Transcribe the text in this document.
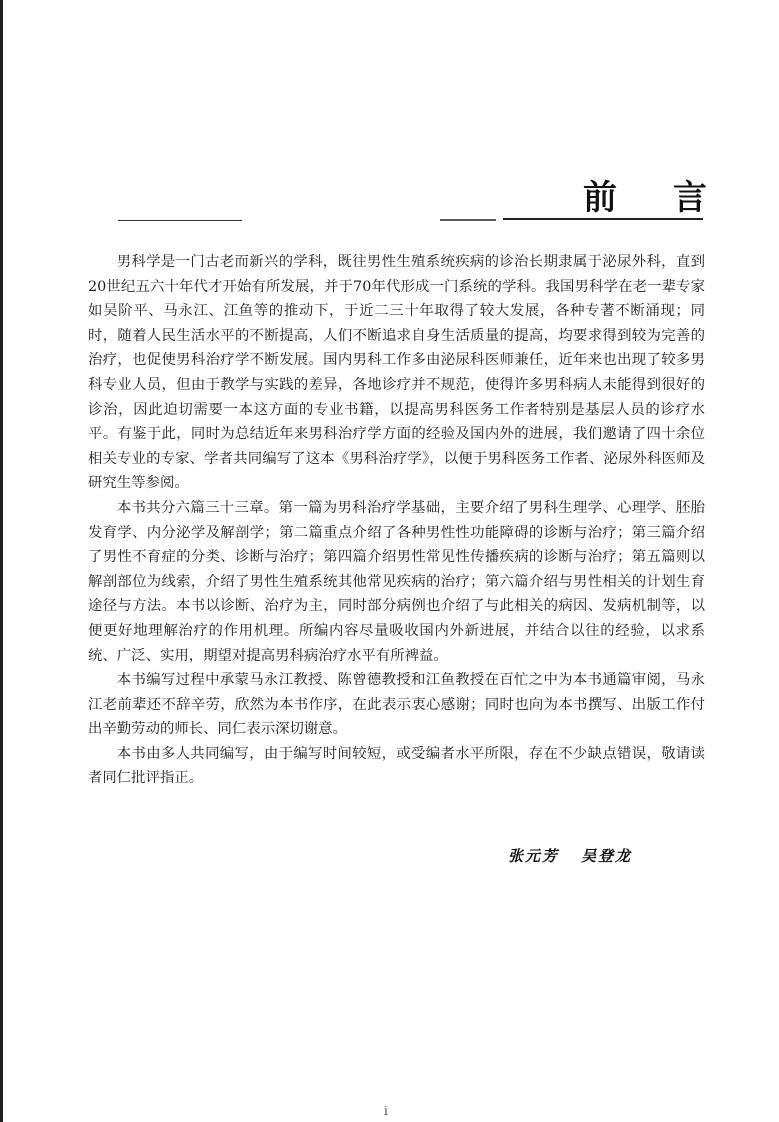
前 言

男科学是一门古老而新兴的学科，既往男性生殖系统疾病的诊治长期隶属于泌尿外科，直到20世纪五六十年代才开始有所发展，并于70年代形成一门系统的学科。我国男科学在老一辈专家如吴阶平、马永江、江鱼等的推动下，于近二三十年取得了较大发展，各种专著不断涌现；同时，随着人民生活水平的不断提高，人们不断追求自身生活质量的提高，均要求得到较为完善的治疗，也促使男科治疗学不断发展。国内男科工作多由泌尿科医师兼任，近年来也出现了较多男科专业人员，但由于教学与实践的差异，各地诊疗并不规范，使得许多男科病人未能得到很好的诊治，因此迫切需要一本这方面的专业书籍，以提高男科医务工作者特别是基层人员的诊疗水平。有鉴于此，同时为总结近年来男科治疗学方面的经验及国内外的进展，我们邀请了四十余位相关专业的专家、学者共同编写了这本《男科治疗学》，以便于男科医务工作者、泌尿外科医师及研究生等参阅。

本书共分六篇三十三章。第一篇为男科治疗学基础，主要介绍了男科生理学、心理学、胚胎发育学、内分泌学及解剖学；第二篇重点介绍了各种男性性功能障碍的诊断与治疗；第三篇介绍了男性不育症的分类、诊断与治疗；第四篇介绍男性常见性传播疾病的诊断与治疗；第五篇则以解剖部位为线索，介绍了男性生殖系统其他常见疾病的治疗；第六篇介绍与男性相关的计划生育途径与方法。本书以诊断、治疗为主，同时部分病例也介绍了与此相关的病因、发病机制等，以便更好地理解治疗的作用机理。所编内容尽量吸收国内外新进展，并结合以往的经验，以求系统、广泛、实用，期望对提高男科病治疗水平有所裨益。

本书编写过程中承蒙马永江教授、陈曾德教授和江鱼教授在百忙之中为本书通篇审阅，马永江老前辈还不辞辛劳，欣然为本书作序，在此表示衷心感谢；同时也向为本书撰写、出版工作付出辛勤劳动的师长、同仁表示深切谢意。

本书由多人共同编写，由于编写时间较短，或受编者水平所限，存在不少缺点错误，敬请读者同仁批评指正。

张元芳 吴登龙
i
